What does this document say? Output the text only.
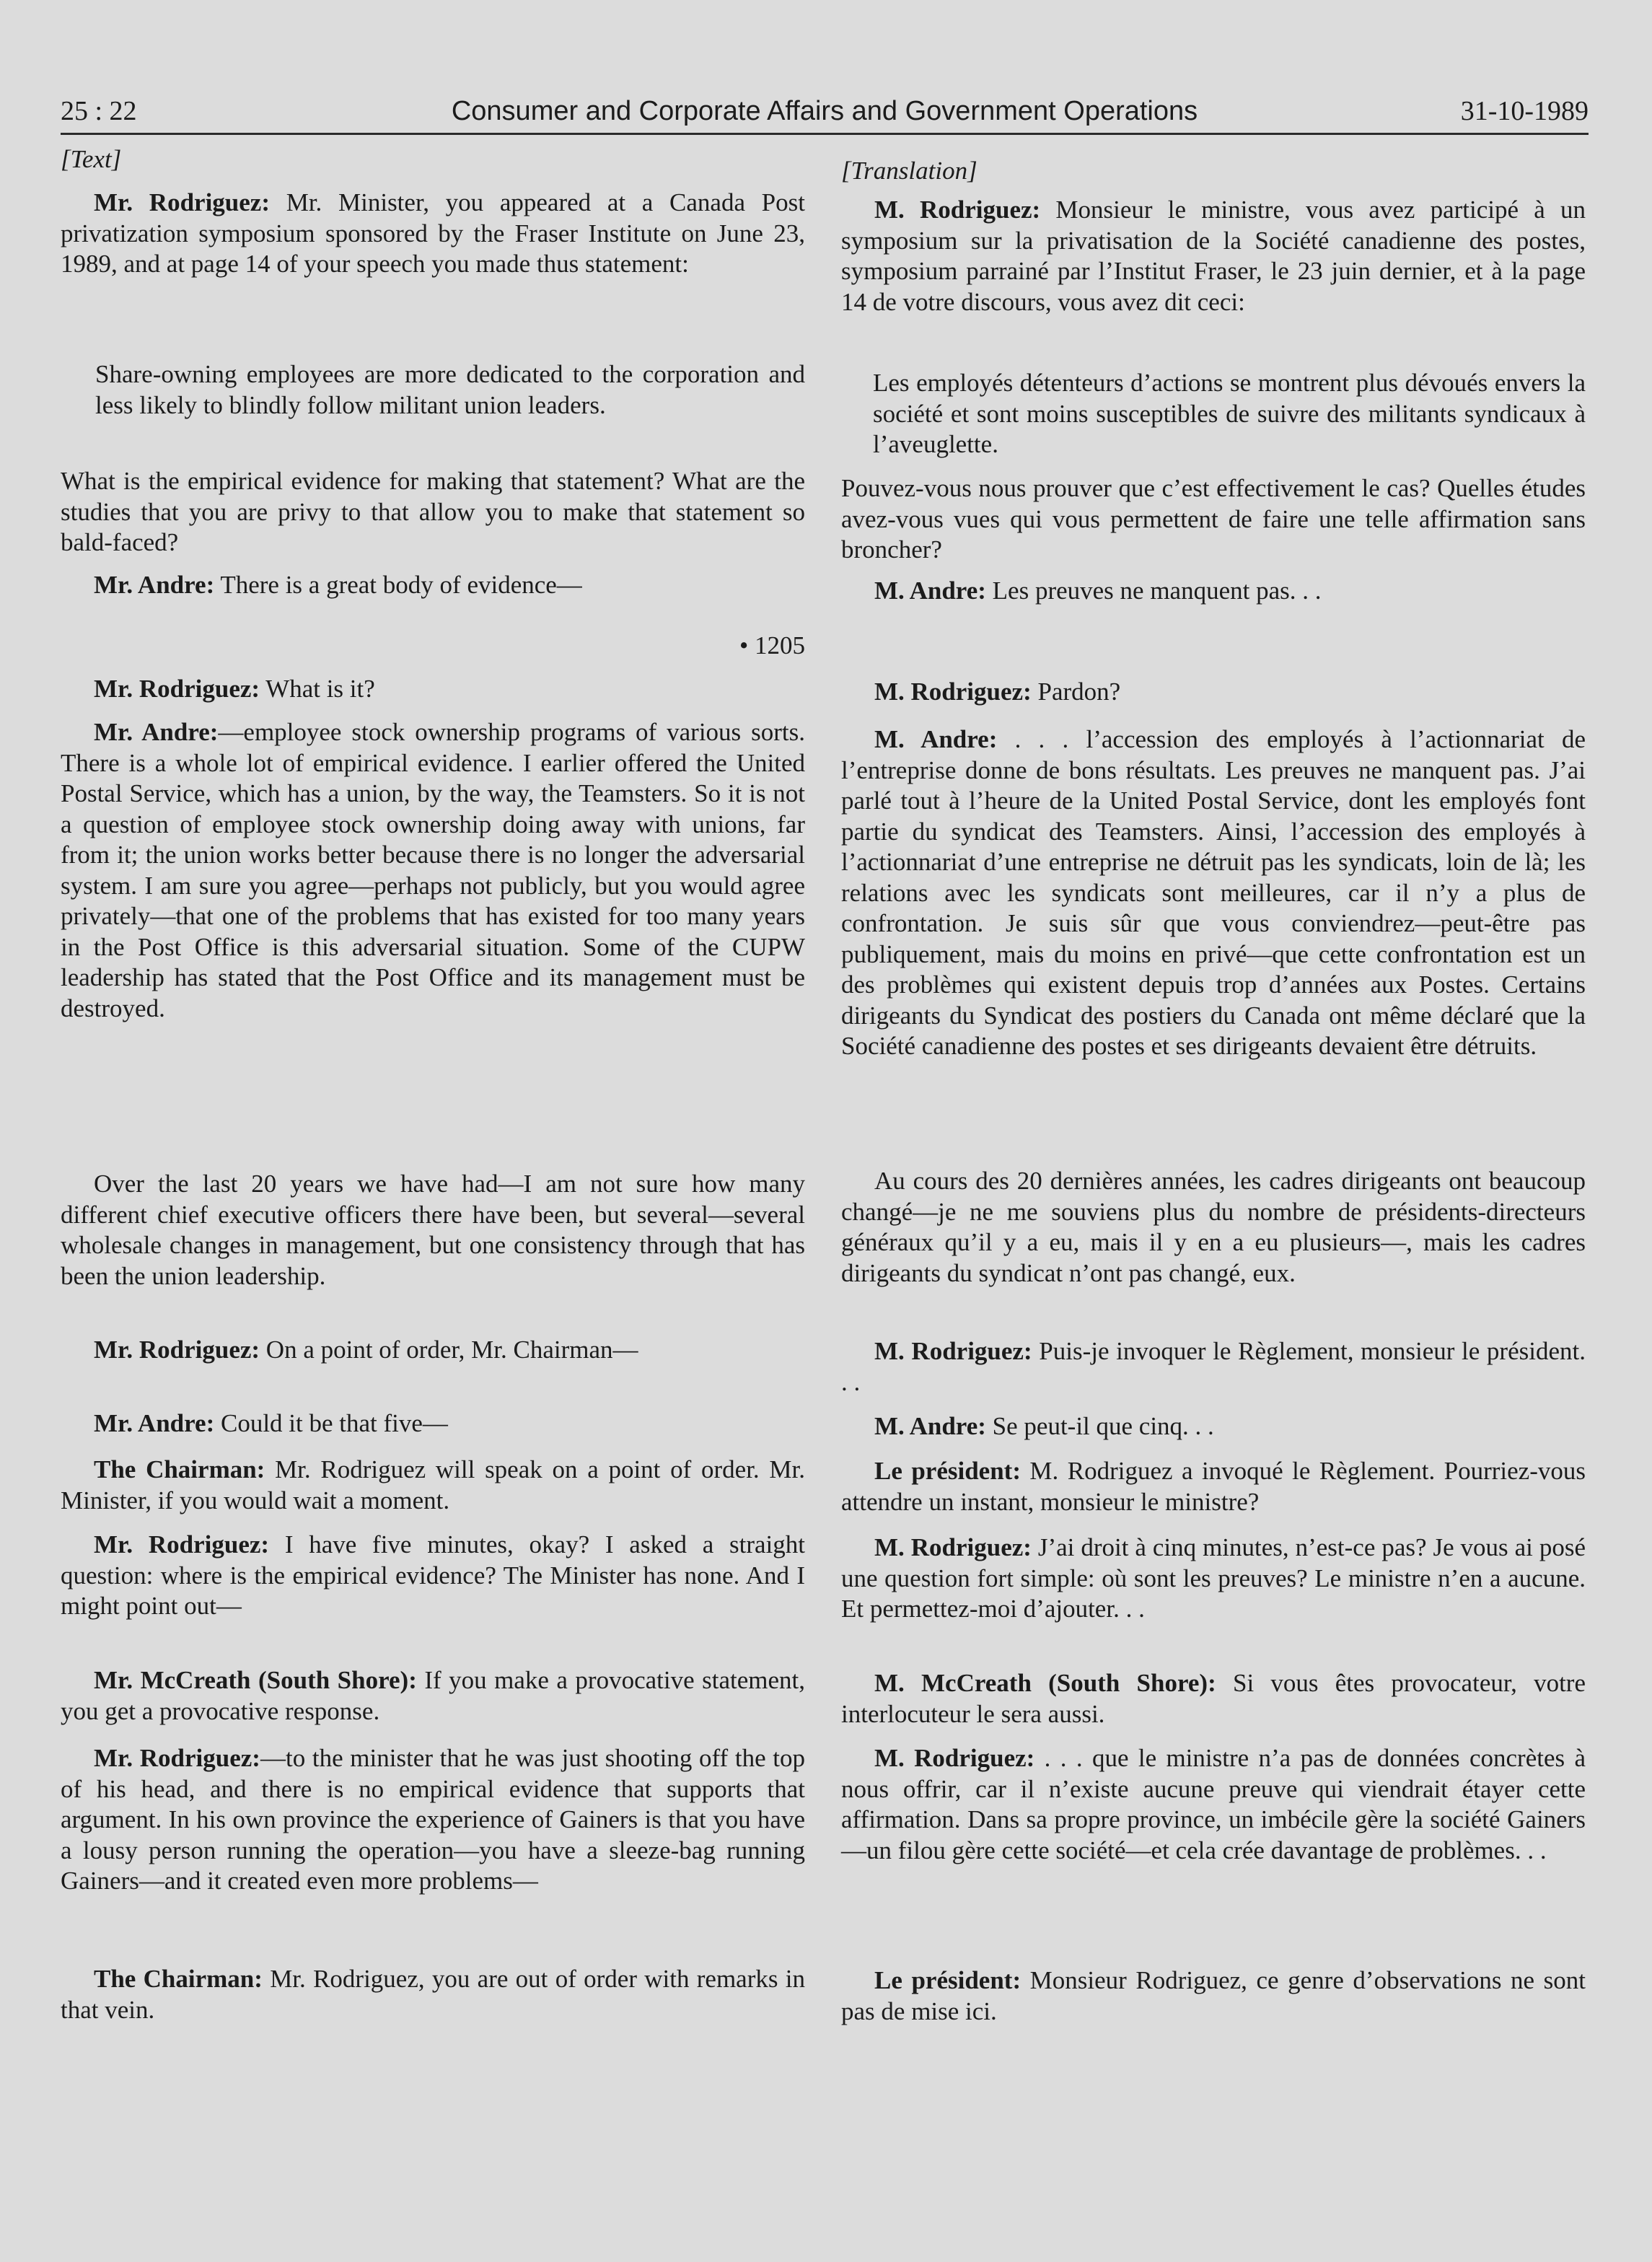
25 : 22	Consumer and Corporate Affairs and Government Operations	31-10-1989
[Text]
Mr. Rodriguez: Mr. Minister, you appeared at a Canada Post privatization symposium sponsored by the Fraser Institute on June 23, 1989, and at page 14 of your speech you made thus statement:
Share-owning employees are more dedicated to the corporation and less likely to blindly follow militant union leaders.
What is the empirical evidence for making that statement? What are the studies that you are privy to that allow you to make that statement so bald-faced?
Mr. Andre: There is a great body of evidence—
• 1205
Mr. Rodriguez: What is it?
Mr. Andre:—employee stock ownership programs of various sorts. There is a whole lot of empirical evidence. I earlier offered the United Postal Service, which has a union, by the way, the Teamsters. So it is not a question of employee stock ownership doing away with unions, far from it; the union works better because there is no longer the adversarial system. I am sure you agree—perhaps not publicly, but you would agree privately—that one of the problems that has existed for too many years in the Post Office is this adversarial situation. Some of the CUPW leadership has stated that the Post Office and its management must be destroyed.
Over the last 20 years we have had—I am not sure how many different chief executive officers there have been, but several—several wholesale changes in management, but one consistency through that has been the union leadership.
Mr. Rodriguez: On a point of order, Mr. Chairman—
Mr. Andre: Could it be that five—
The Chairman: Mr. Rodriguez will speak on a point of order. Mr. Minister, if you would wait a moment.
Mr. Rodriguez: I have five minutes, okay? I asked a straight question: where is the empirical evidence? The Minister has none. And I might point out—
Mr. McCreath (South Shore): If you make a provocative statement, you get a provocative response.
Mr. Rodriguez:—to the minister that he was just shooting off the top of his head, and there is no empirical evidence that supports that argument. In his own province the experience of Gainers is that you have a lousy person running the operation—you have a sleeze-bag running Gainers—and it created even more problems—
The Chairman: Mr. Rodriguez, you are out of order with remarks in that vein.
[Translation]
M. Rodriguez: Monsieur le ministre, vous avez participé à un symposium sur la privatisation de la Société canadienne des postes, symposium parrainé par l’Institut Fraser, le 23 juin dernier, et à la page 14 de votre discours, vous avez dit ceci:
Les employés détenteurs d’actions se montrent plus dévoués envers la société et sont moins susceptibles de suivre des militants syndicaux à l’aveuglette.
Pouvez-vous nous prouver que c’est effectivement le cas? Quelles études avez-vous vues qui vous permettent de faire une telle affirmation sans broncher?
M. Andre: Les preuves ne manquent pas. . .
M. Rodriguez: Pardon?
M. Andre: . . . l’accession des employés à l’actionnariat de l’entreprise donne de bons résultats. Les preuves ne manquent pas. J’ai parlé tout à l’heure de la United Postal Service, dont les employés font partie du syndicat des Teamsters. Ainsi, l’accession des employés à l’actionnariat d’une entreprise ne détruit pas les syndicats, loin de là; les relations avec les syndicats sont meilleures, car il n’y a plus de confrontation. Je suis sûr que vous conviendrez—peut-être pas publiquement, mais du moins en privé—que cette confrontation est un des problèmes qui existent depuis trop d’années aux Postes. Certains dirigeants du Syndicat des postiers du Canada ont même déclaré que la Société canadienne des postes et ses dirigeants devaient être détruits.
Au cours des 20 dernières années, les cadres dirigeants ont beaucoup changé—je ne me souviens plus du nombre de présidents-directeurs généraux qu’il y a eu, mais il y en a eu plusieurs—, mais les cadres dirigeants du syndicat n’ont pas changé, eux.
M. Rodriguez: Puis-je invoquer le Règlement, monsieur le président. . .
M. Andre: Se peut-il que cinq. . .
Le président: M. Rodriguez a invoqué le Règlement. Pourriez-vous attendre un instant, monsieur le ministre?
M. Rodriguez: J’ai droit à cinq minutes, n’est-ce pas? Je vous ai posé une question fort simple: où sont les preuves? Le ministre n’en a aucune. Et permettez-moi d’ajouter. . .
M. McCreath (South Shore): Si vous êtes provocateur, votre interlocuteur le sera aussi.
M. Rodriguez: . . . que le ministre n’a pas de données concrètes à nous offrir, car il n’existe aucune preuve qui viendrait étayer cette affirmation. Dans sa propre province, un imbécile gère la société Gainers—un filou gère cette société—et cela crée davantage de problèmes. . .
Le président: Monsieur Rodriguez, ce genre d’observations ne sont pas de mise ici.
